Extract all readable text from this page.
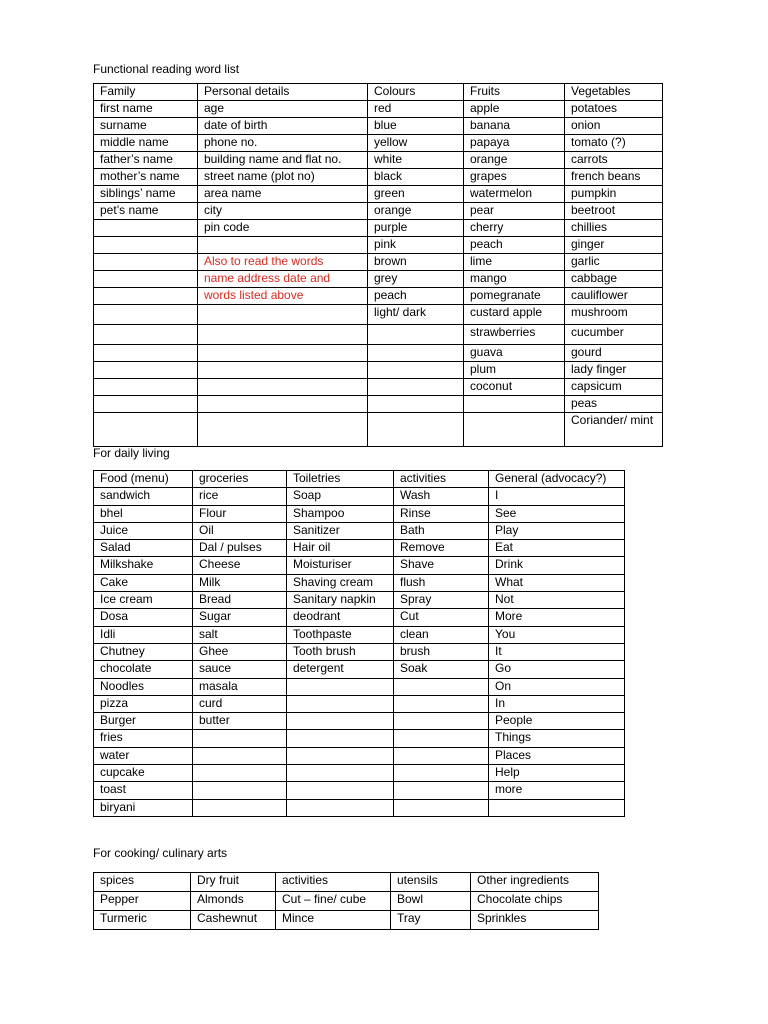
Functional reading word list
Family	Personal details	Colours	Fruits	Vegetables
first name	age	red	apple	potatoes
surname	date of birth	blue	banana	onion
middle name	phone no.	yellow	papaya	tomato (?)
father’s name	building name and flat no.	white	orange	carrots
mother’s name	street name (plot no)	black	grapes	french beans
siblings’ name	area name	green	watermelon	pumpkin
pet’s name	city	orange	pear	beetroot
	pin code	purple	cherry	chillies
		pink	peach	ginger
	Also to read the words	brown	lime	garlic
	name address date and	grey	mango	cabbage
	words listed above	peach	pomegranate	cauliflower
		light/ dark	custard apple	mushroom
			strawberries	cucumber
			guava	gourd
			plum	lady finger
			coconut	capsicum
				peas
				Coriander/ mint
For daily living
Food (menu)	groceries	Toiletries	activities	General (advocacy?)
sandwich	rice	Soap	Wash	I
bhel	Flour	Shampoo	Rinse	See
Juice	Oil	Sanitizer	Bath	Play
Salad	Dal / pulses	Hair oil	Remove	Eat
Milkshake	Cheese	Moisturiser	Shave	Drink
Cake	Milk	Shaving cream	flush	What
Ice cream	Bread	Sanitary napkin	Spray	Not
Dosa	Sugar	deodrant	Cut	More
Idli	salt	Toothpaste	clean	You
Chutney	Ghee	Tooth brush	brush	It
chocolate	sauce	detergent	Soak	Go
Noodles	masala			On
pizza	curd			In
Burger	butter			People
fries				Things
water				Places
cupcake				Help
toast				more
biryani				
For cooking/ culinary arts
spices	Dry fruit	activities	utensils	Other ingredients
Pepper	Almonds	Cut – fine/ cube	Bowl	Chocolate chips
Turmeric	Cashewnut	Mince	Tray	Sprinkles
